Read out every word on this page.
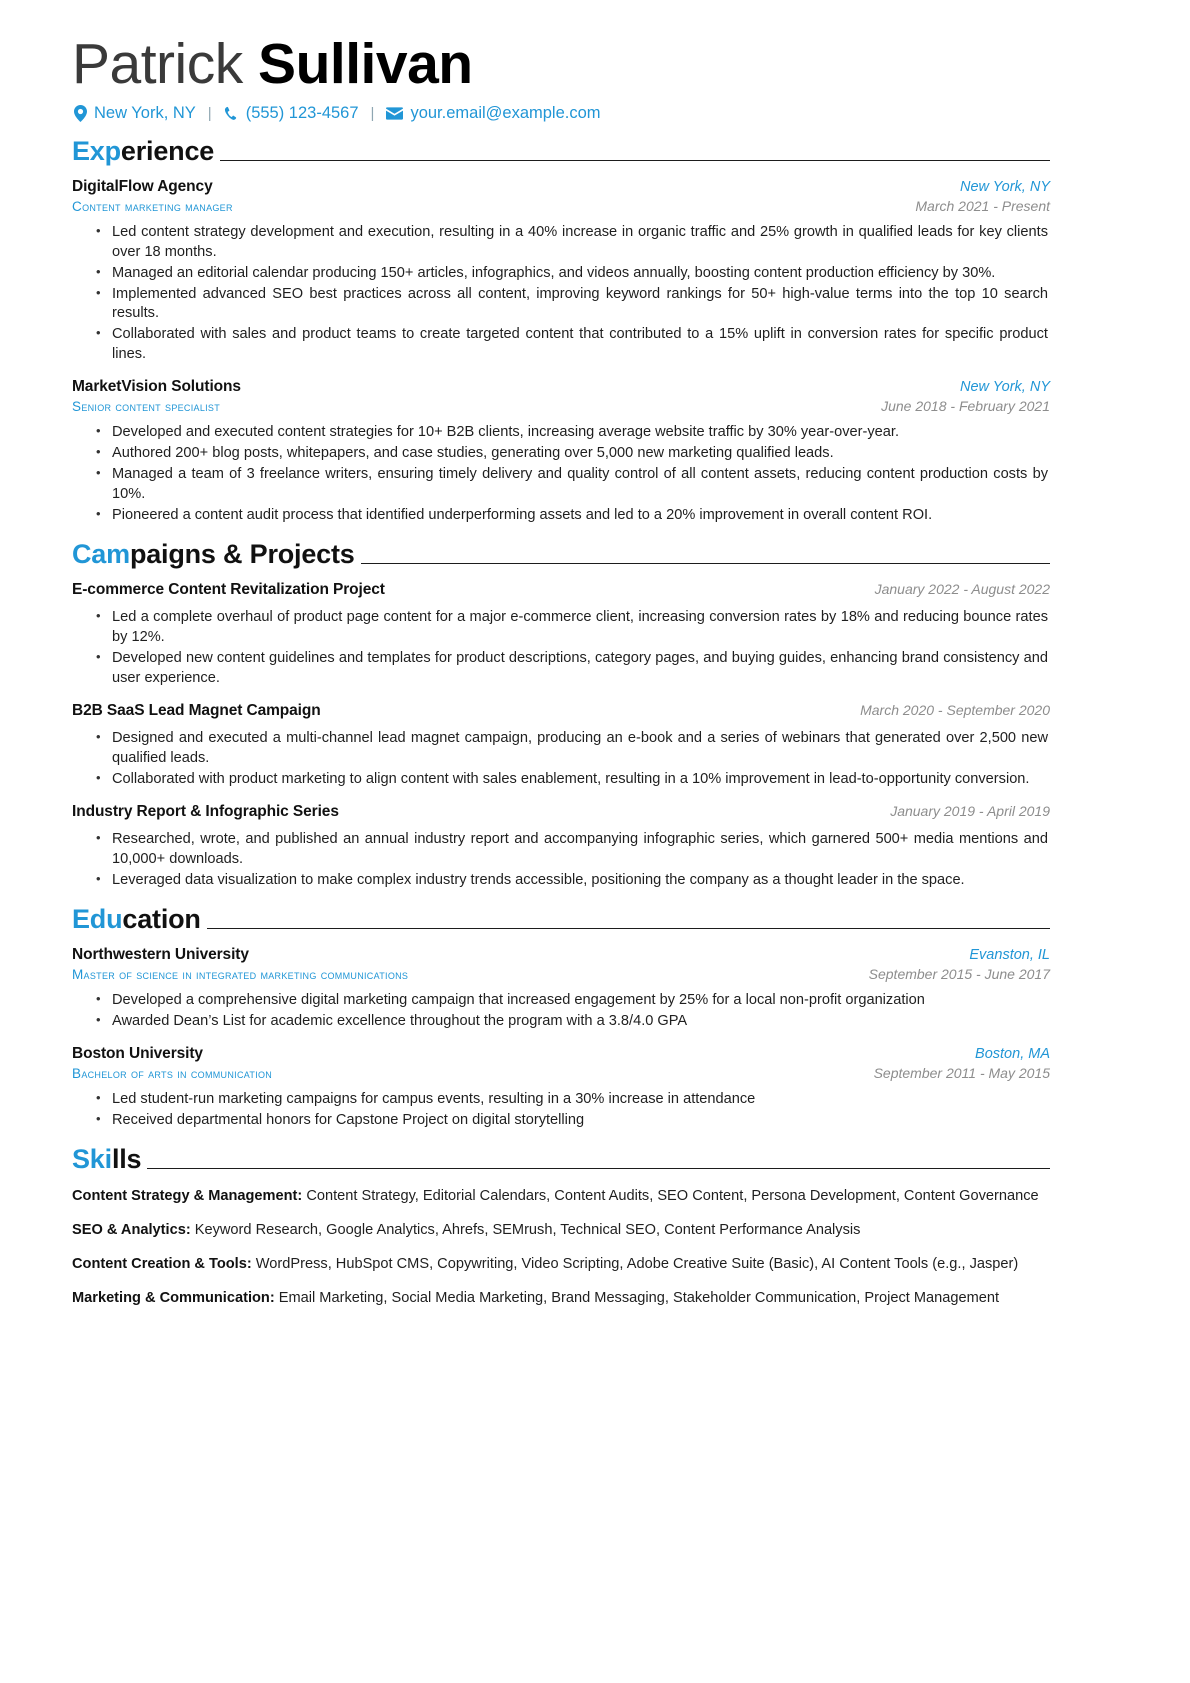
Patrick Sullivan
New York, NY | (555) 123-4567 | your.email@example.com
Experience
DigitalFlow Agency	New York, NY
Content marketing manager	March 2021 - Present
• Led content strategy development and execution, resulting in a 40% increase in organic traffic and 25% growth in qualified leads for key clients over 18 months.
• Managed an editorial calendar producing 150+ articles, infographics, and videos annually, boosting content production efficiency by 30%.
• Implemented advanced SEO best practices across all content, improving keyword rankings for 50+ high-value terms into the top 10 search results.
• Collaborated with sales and product teams to create targeted content that contributed to a 15% uplift in conversion rates for specific product lines.
MarketVision Solutions	New York, NY
Senior content specialist	June 2018 - February 2021
• Developed and executed content strategies for 10+ B2B clients, increasing average website traffic by 30% year-over-year.
• Authored 200+ blog posts, whitepapers, and case studies, generating over 5,000 new marketing qualified leads.
• Managed a team of 3 freelance writers, ensuring timely delivery and quality control of all content assets, reducing content production costs by 10%.
• Pioneered a content audit process that identified underperforming assets and led to a 20% improvement in overall content ROI.
Campaigns & Projects
E-commerce Content Revitalization Project	January 2022 - August 2022
• Led a complete overhaul of product page content for a major e-commerce client, increasing conversion rates by 18% and reducing bounce rates by 12%.
• Developed new content guidelines and templates for product descriptions, category pages, and buying guides, enhancing brand consistency and user experience.
B2B SaaS Lead Magnet Campaign	March 2020 - September 2020
• Designed and executed a multi-channel lead magnet campaign, producing an e-book and a series of webinars that generated over 2,500 new qualified leads.
• Collaborated with product marketing to align content with sales enablement, resulting in a 10% improvement in lead-to-opportunity conversion.
Industry Report & Infographic Series	January 2019 - April 2019
• Researched, wrote, and published an annual industry report and accompanying infographic series, which garnered 500+ media mentions and 10,000+ downloads.
• Leveraged data visualization to make complex industry trends accessible, positioning the company as a thought leader in the space.
Education
Northwestern University	Evanston, IL
Master of science in integrated marketing communications	September 2015 - June 2017
• Developed a comprehensive digital marketing campaign that increased engagement by 25% for a local non-profit organization
• Awarded Dean’s List for academic excellence throughout the program with a 3.8/4.0 GPA
Boston University	Boston, MA
Bachelor of arts in communication	September 2011 - May 2015
• Led student-run marketing campaigns for campus events, resulting in a 30% increase in attendance
• Received departmental honors for Capstone Project on digital storytelling
Skills
Content Strategy & Management: Content Strategy, Editorial Calendars, Content Audits, SEO Content, Persona Development, Content Governance
SEO & Analytics: Keyword Research, Google Analytics, Ahrefs, SEMrush, Technical SEO, Content Performance Analysis
Content Creation & Tools: WordPress, HubSpot CMS, Copywriting, Video Scripting, Adobe Creative Suite (Basic), AI Content Tools (e.g., Jasper)
Marketing & Communication: Email Marketing, Social Media Marketing, Brand Messaging, Stakeholder Communication, Project Management
